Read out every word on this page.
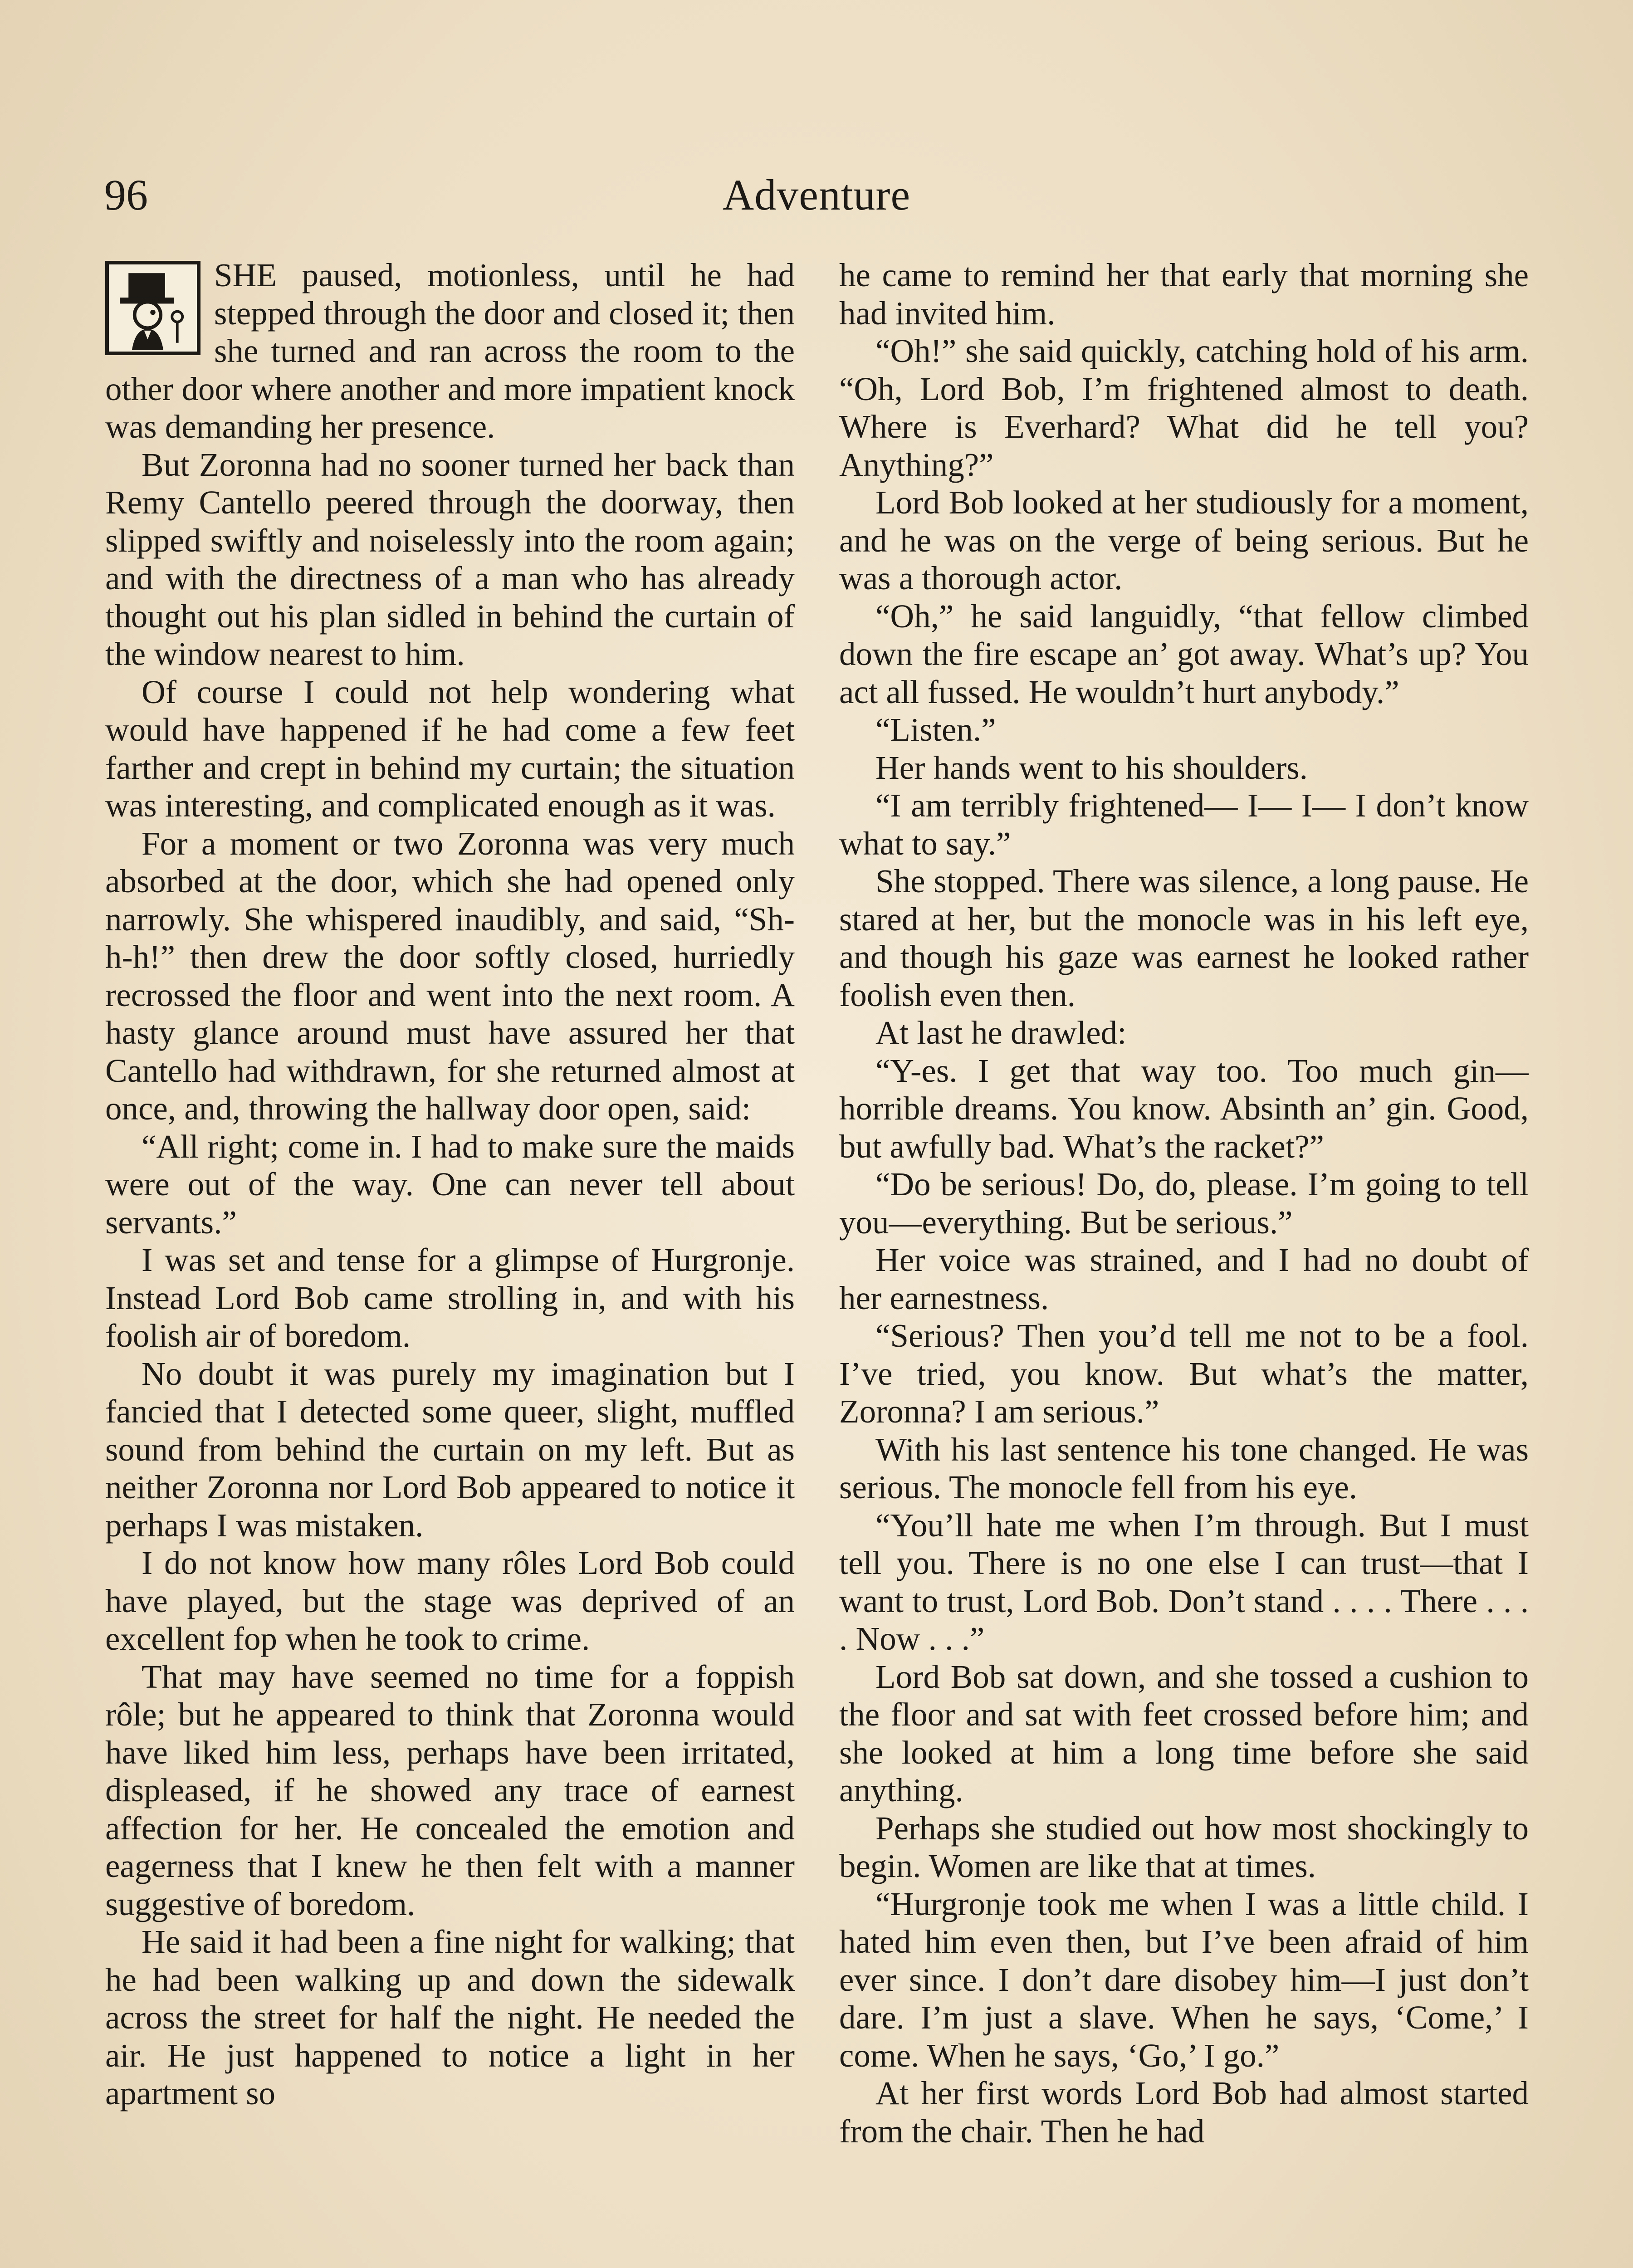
96	Adventure

SHE paused, motionless, until he had stepped through the door and closed it; then she turned and ran across the room to the other door where another and more impatient knock was demanding her presence.

But Zoronna had no sooner turned her back than Remy Cantello peered through the doorway, then slipped swiftly and noiselessly into the room again; and with the directness of a man who has already thought out his plan sidled in behind the curtain of the window nearest to him.

Of course I could not help wondering what would have happened if he had come a few feet farther and crept in behind my curtain; the situation was interesting, and complicated enough as it was.

For a moment or two Zoronna was very much absorbed at the door, which she had opened only narrowly. She whispered inaudibly, and said, “Sh-h-h!” then drew the door softly closed, hurriedly recrossed the floor and went into the next room. A hasty glance around must have assured her that Cantello had withdrawn, for she returned almost at once, and, throwing the hallway door open, said:

“All right; come in. I had to make sure the maids were out of the way. One can never tell about servants.”

I was set and tense for a glimpse of Hurgronje. Instead Lord Bob came strolling in, and with his foolish air of boredom.

No doubt it was purely my imagination but I fancied that I detected some queer, slight, muffled sound from behind the curtain on my left. But as neither Zoronna nor Lord Bob appeared to notice it perhaps I was mistaken.

I do not know how many rôles Lord Bob could have played, but the stage was deprived of an excellent fop when he took to crime.

That may have seemed no time for a foppish rôle; but he appeared to think that Zoronna would have liked him less, perhaps have been irritated, displeased, if he showed any trace of earnest affection for her. He concealed the emotion and eagerness that I knew he then felt with a manner suggestive of boredom.

He said it had been a fine night for walking; that he had been walking up and down the sidewalk across the street for half the night. He needed the air. He just happened to notice a light in her apartment so

he came to remind her that early that morning she had invited him.

“Oh!” she said quickly, catching hold of his arm. “Oh, Lord Bob, I’m frightened almost to death. Where is Everhard? What did he tell you? Anything?”

Lord Bob looked at her studiously for a moment, and he was on the verge of being serious. But he was a thorough actor.

“Oh,” he said languidly, “that fellow climbed down the fire escape an’ got away. What’s up? You act all fussed. He wouldn’t hurt anybody.”

“Listen.”

Her hands went to his shoulders.

“I am terribly frightened— I— I— I don’t know what to say.”

She stopped. There was silence, a long pause. He stared at her, but the monocle was in his left eye, and though his gaze was earnest he looked rather foolish even then.

At last he drawled:

“Y-es. I get that way too. Too much gin—horrible dreams. You know. Absinth an’ gin. Good, but awfully bad. What’s the racket?”

“Do be serious! Do, do, please. I’m going to tell you—everything. But be serious.”

Her voice was strained, and I had no doubt of her earnestness.

“Serious? Then you’d tell me not to be a fool. I’ve tried, you know. But what’s the matter, Zoronna? I am serious.”

With his last sentence his tone changed. He was serious. The monocle fell from his eye.

“You’ll hate me when I’m through. But I must tell you. There is no one else I can trust—that I want to trust, Lord Bob. Don’t stand . . . . There . . . . Now . . .”

Lord Bob sat down, and she tossed a cushion to the floor and sat with feet crossed before him; and she looked at him a long time before she said anything.

Perhaps she studied out how most shockingly to begin. Women are like that at times.

“Hurgronje took me when I was a little child. I hated him even then, but I’ve been afraid of him ever since. I don’t dare disobey him—I just don’t dare. I’m just a slave. When he says, ‘Come,’ I come. When he says, ‘Go,’ I go.”

At her first words Lord Bob had almost started from the chair. Then he had
